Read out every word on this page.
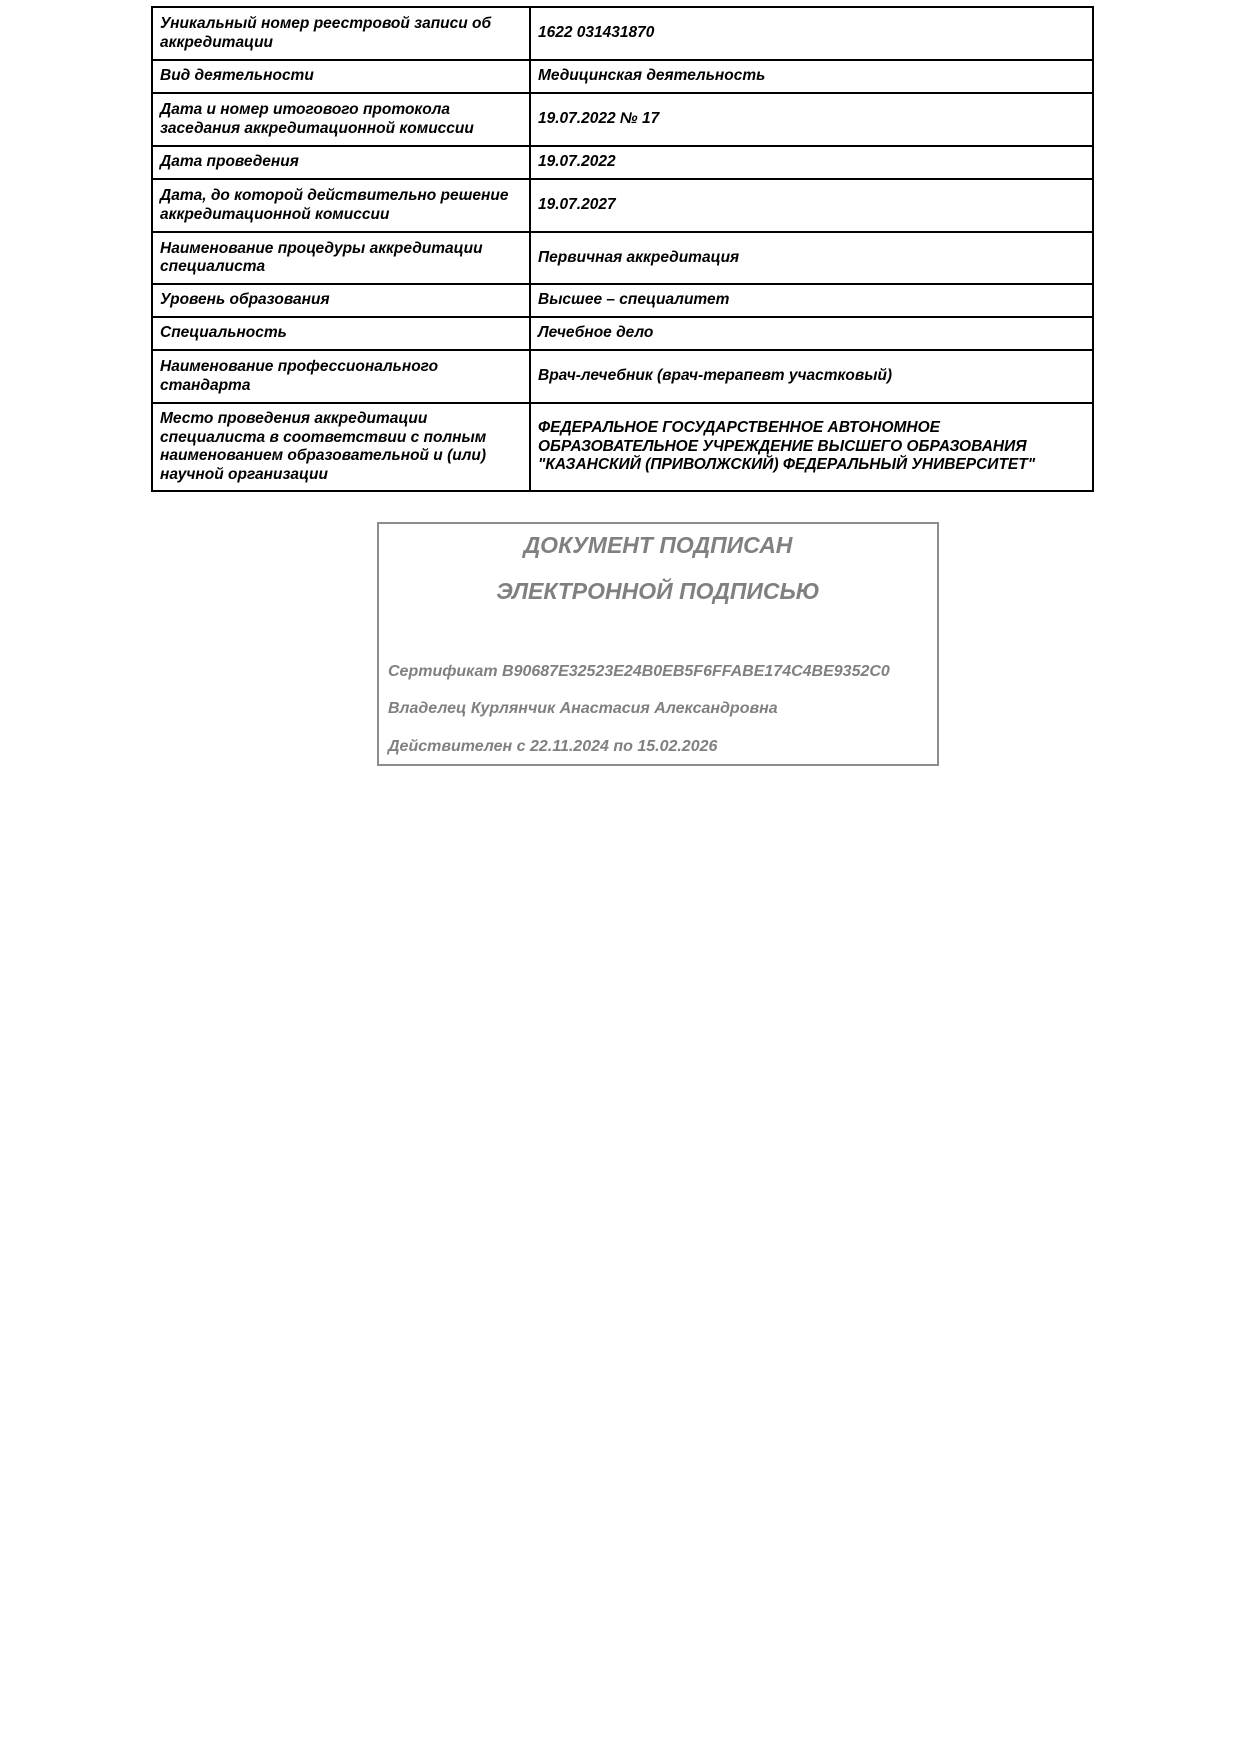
Уникальный номер реестровой записи об аккредитации	1622 031431870
Вид деятельности	Медицинская деятельность
Дата и номер итогового протокола заседания аккредитационной комиссии	19.07.2022 № 17
Дата проведения	19.07.2022
Дата, до которой действительно решение аккредитационной комиссии	19.07.2027
Наименование процедуры аккредитации специалиста	Первичная аккредитация
Уровень образования	Высшее – специалитет
Специальность	Лечебное дело
Наименование профессионального стандарта	Врач-лечебник (врач-терапевт участковый)
Место проведения аккредитации специалиста в соответствии с полным наименованием образовательной и (или) научной организации	ФЕДЕРАЛЬНОЕ ГОСУДАРСТВЕННОЕ АВТОНОМНОЕ ОБРАЗОВАТЕЛЬНОЕ УЧРЕЖДЕНИЕ ВЫСШЕГО ОБРАЗОВАНИЯ "КАЗАНСКИЙ (ПРИВОЛЖСКИЙ) ФЕДЕРАЛЬНЫЙ УНИВЕРСИТЕТ"
ДОКУМЕНТ ПОДПИСАН
ЭЛЕКТРОННОЙ ПОДПИСЬЮ
Сертификат B90687E32523E24B0EB5F6FFABE174C4BE9352C0
Владелец Курлянчик Анастасия Александровна
Действителен с 22.11.2024 по 15.02.2026
